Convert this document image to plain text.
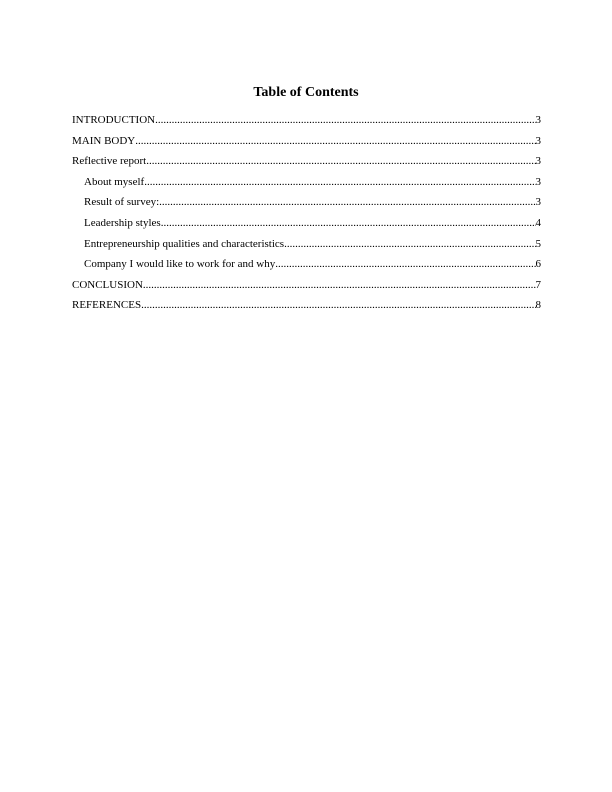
Table of Contents
INTRODUCTION .....	3
MAIN BODY .....	3
Reflective report .....	3
About myself .....	3
Result of survey: .....	3
Leadership styles .....	4
Entrepreneurship qualities and characteristics .....	5
Company I would like to work for and why .....	6
CONCLUSION .....	7
REFERENCES .....	8
